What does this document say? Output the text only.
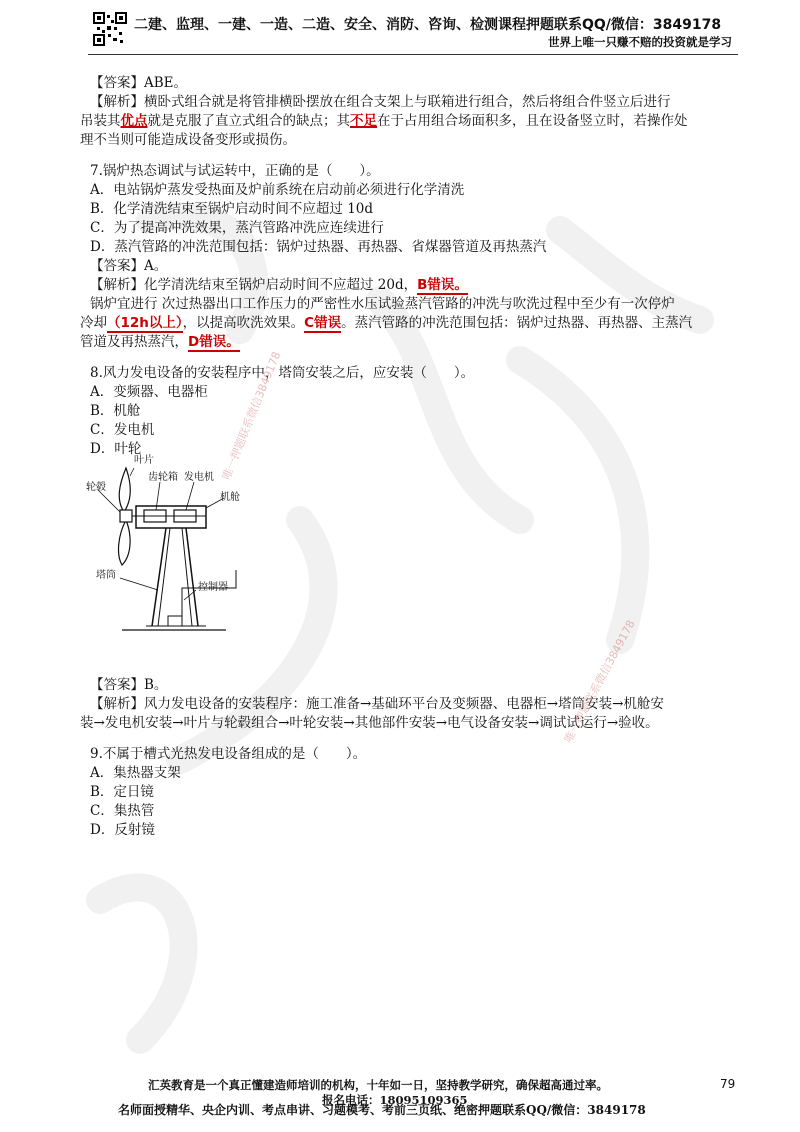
二建、监理、一建、一造、二造、安全、消防、咨询、检测课程押题联系QQ/微信：3849178
世界上唯一只赚不赔的投资就是学习
【答案】ABE。
【解析】横卧式组合就是将管排横卧摆放在组合支架上与联箱进行组合，然后将组合件竖立后进行
吊装其优点就是克服了直立式组合的缺点；其不足在于占用组合场面积多，且在设备竖立时，若操作处
理不当则可能造成设备变形或损伤。
7.锅炉热态调试与试运转中，正确的是（　　）。
A．电站锅炉蒸发受热面及炉前系统在启动前必须进行化学清洗
B．化学清洗结束至锅炉启动时间不应超过 10d
C．为了提高冲洗效果，蒸汽管路冲洗应连续进行
D．蒸汽管路的冲洗范围包括：锅炉过热器、再热器、省煤器管道及再热蒸汽
【答案】A。
【解析】化学清洗结束至锅炉启动时间不应超过 20d，B错误。
锅炉宜进行 次过热器出口工作压力的严密性水压试验蒸汽管路的冲洗与吹洗过程中至少有一次停炉
冷却（12h以上），以提高吹洗效果。C错误。蒸汽管路的冲洗范围包括：锅炉过热器、再热器、主蒸汽
管道及再热蒸汽，D错误。
8.风力发电设备的安装程序中，塔筒安装之后，应安装（　　）。
A．变频器、电器柜
B．机舱
C．发电机
D．叶轮
叶片
轮毂
齿轮箱 发电机
机舱
塔筒
控制器
【答案】B。
【解析】风力发电设备的安装程序：施工准备→基础环平台及变频器、电器柜→塔筒安装→机舱安
装→发电机安装→叶片与轮毂组合→叶轮安装→其他部件安装→电气设备安装→调试试运行→验收。
9.不属于槽式光热发电设备组成的是（　　）。
A．集热器支架
B．定日镜
C．集热管
D．反射镜
唯一押题联系微信3849178
唯一押题联系微信3849178
汇英教育是一个真正懂建造师培训的机构，十年如一日，坚持教学研究，确保超高通过率。	79
报名电话：18095109365
名师面授精华、央企内训、考点串讲、习题模考、考前三页纸、绝密押题联系QQ/微信：3849178
